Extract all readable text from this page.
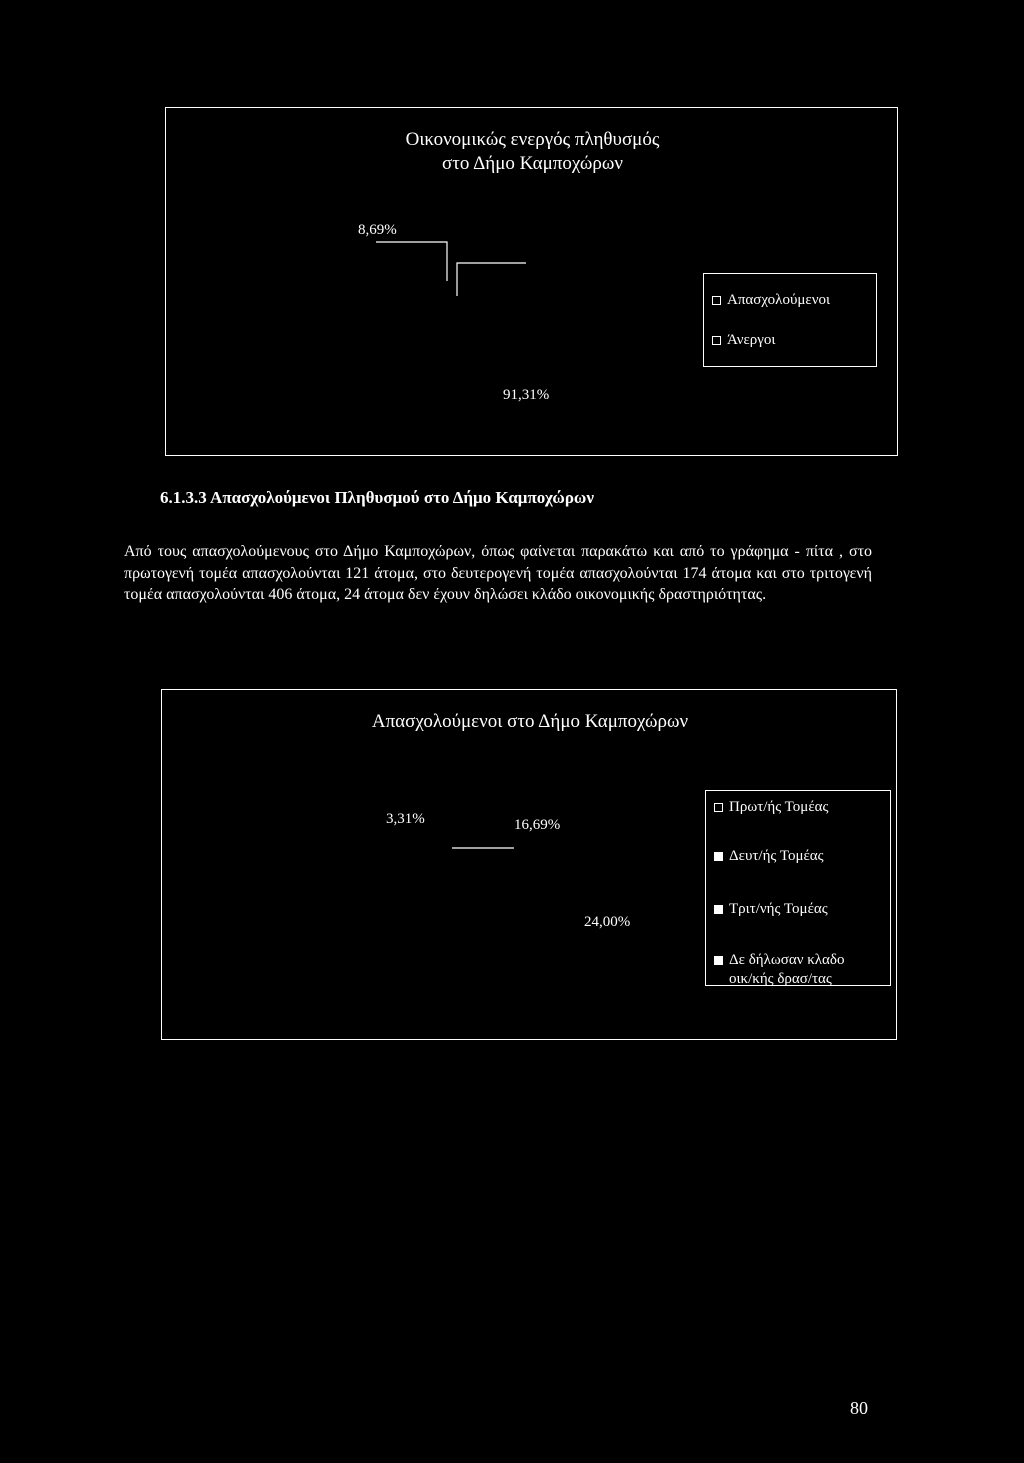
Οικονομικώς ενεργός πληθυσμός
στο Δήμο Καμποχώρων
8,69%
91,31%
Απασχολούμενοι
Άνεργοι
6.1.3.3 Απασχολούμενοι Πληθυσμού στο Δήμο Καμποχώρων
Από τους απασχολούμενους στο Δήμο Καμποχώρων, όπως φαίνεται παρακάτω και από το γράφημα - πίτα , στο πρωτογενή τομέα απασχολούνται 121 άτομα, στο δευτερογενή τομέα απασχολούνται 174 άτομα και στο τριτογενή τομέα απασχολούνται 406 άτομα, 24 άτομα δεν έχουν δηλώσει κλάδο οικονομικής δραστηριότητας.
Απασχολούμενοι στο Δήμο Καμποχώρων
3,31%	16,69%
24,00%
Πρωτ/ής Τομέας
Δευτ/ής Τομέας
Τριτ/νής Τομέας
Δε δήλωσαν κλαδο
οικ/κής δρασ/τας
80
